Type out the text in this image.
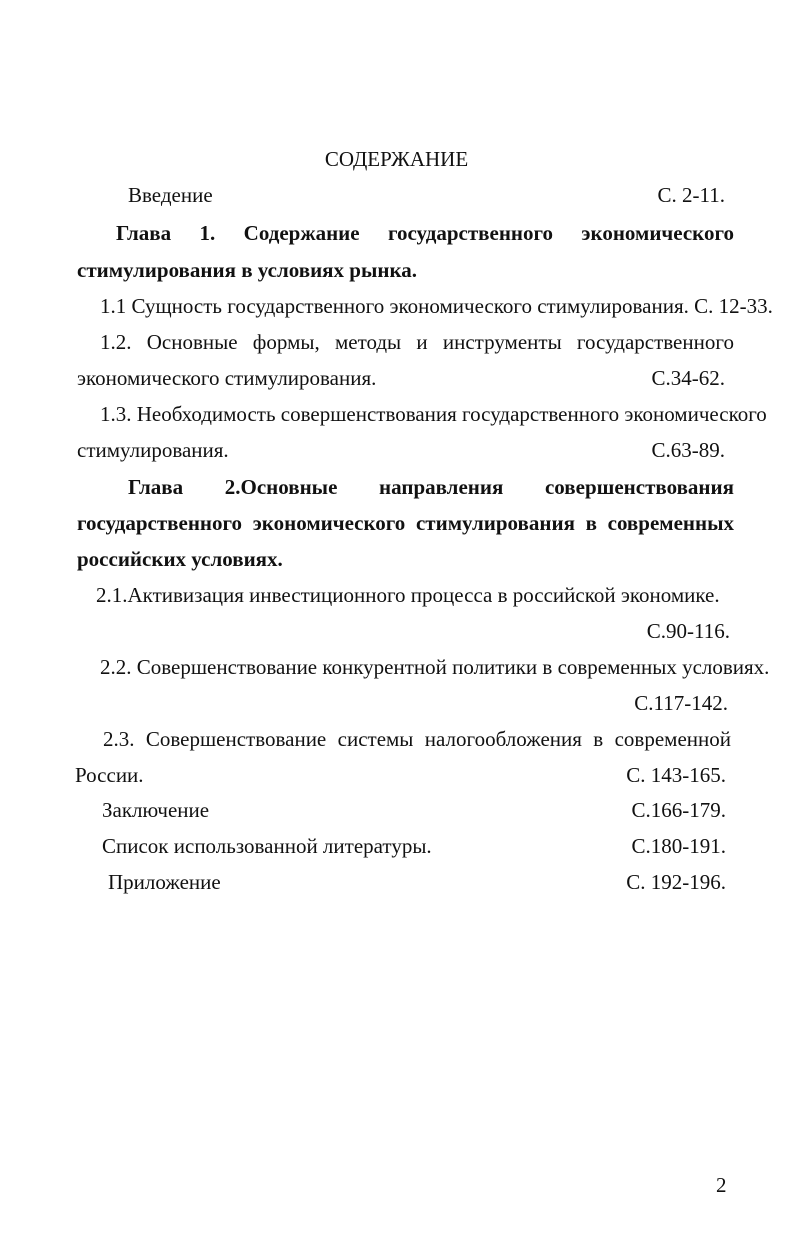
СОДЕРЖАНИЕ
Введение	С. 2-11.
Глава 1. Содержание государственного экономического
стимулирования в условиях рынка.
1.1 Сущность государственного экономического стимулирования. С. 12-33.
1.2. Основные формы, методы и инструменты государственного
экономического стимулирования.	С.34-62.
1.3. Необходимость совершенствования государственного экономического
стимулирования.	С.63-89.
Глава 2.Основные направления совершенствования
государственного экономического стимулирования в современных
российских условиях.
2.1.Активизация инвестиционного процесса в российской экономике.
С.90-116.
2.2. Совершенствование конкурентной политики в современных условиях.
С.117-142.
2.3. Совершенствование системы налогообложения в современной
России.	С. 143-165.
Заключение	С.166-179.
Список использованной литературы.	С.180-191.
Приложение	С. 192-196.
2
